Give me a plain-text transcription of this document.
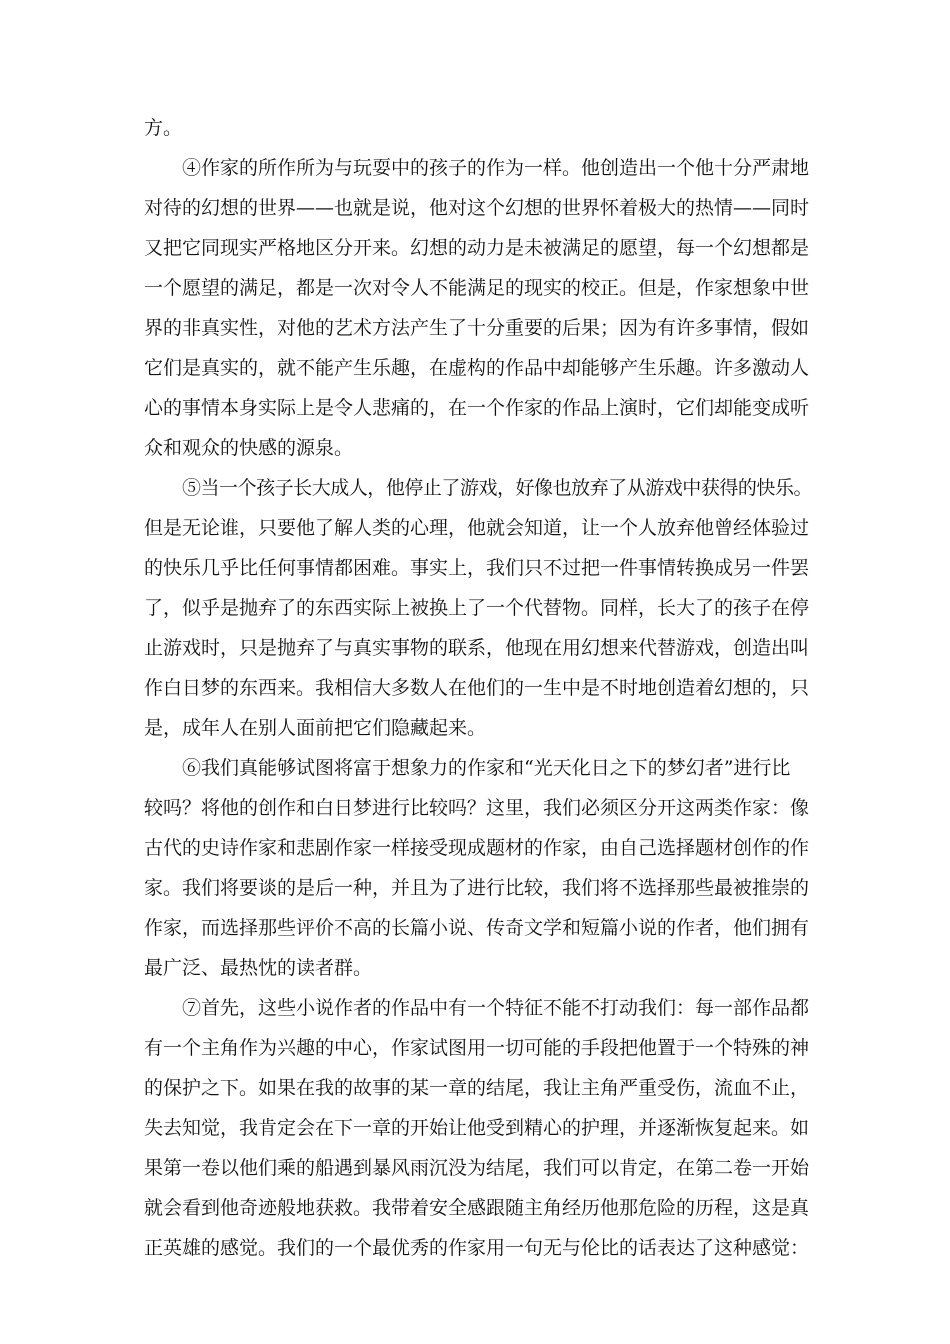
方。
④作家的所作所为与玩耍中的孩子的作为一样。他创造出一个他十分严肃地
对待的幻想的世界——也就是说，他对这个幻想的世界怀着极大的热情——同时
又把它同现实严格地区分开来。幻想的动力是未被满足的愿望，每一个幻想都是
一个愿望的满足，都是一次对令人不能满足的现实的校正。但是，作家想象中世
界的非真实性，对他的艺术方法产生了十分重要的后果；因为有许多事情，假如
它们是真实的，就不能产生乐趣，在虚构的作品中却能够产生乐趣。许多激动人
心的事情本身实际上是令人悲痛的，在一个作家的作品上演时，它们却能变成听
众和观众的快感的源泉。
⑤当一个孩子长大成人，他停止了游戏，好像也放弃了从游戏中获得的快乐。
但是无论谁，只要他了解人类的心理，他就会知道，让一个人放弃他曾经体验过
的快乐几乎比任何事情都困难。事实上，我们只不过把一件事情转换成另一件罢
了，似乎是抛弃了的东西实际上被换上了一个代替物。同样，长大了的孩子在停
止游戏时，只是抛弃了与真实事物的联系，他现在用幻想来代替游戏，创造出叫
作白日梦的东西来。我相信大多数人在他们的一生中是不时地创造着幻想的，只
是，成年人在别人面前把它们隐藏起来。
⑥我们真能够试图将富于想象力的作家和“光天化日之下的梦幻者”进行比
较吗？将他的创作和白日梦进行比较吗？这里，我们必须区分开这两类作家：像
古代的史诗作家和悲剧作家一样接受现成题材的作家，由自己选择题材创作的作
家。我们将要谈的是后一种，并且为了进行比较，我们将不选择那些最被推崇的
作家，而选择那些评价不高的长篇小说、传奇文学和短篇小说的作者，他们拥有
最广泛、最热忱的读者群。
⑦首先，这些小说作者的作品中有一个特征不能不打动我们：每一部作品都
有一个主角作为兴趣的中心，作家试图用一切可能的手段把他置于一个特殊的神
的保护之下。如果在我的故事的某一章的结尾，我让主角严重受伤，流血不止，
失去知觉，我肯定会在下一章的开始让他受到精心的护理，并逐渐恢复起来。如
果第一卷以他们乘的船遇到暴风雨沉没为结尾，我们可以肯定，在第二卷一开始
就会看到他奇迹般地获救。我带着安全感跟随主角经历他那危险的历程，这是真
正英雄的感觉。我们的一个最优秀的作家用一句无与伦比的话表达了这种感觉：
